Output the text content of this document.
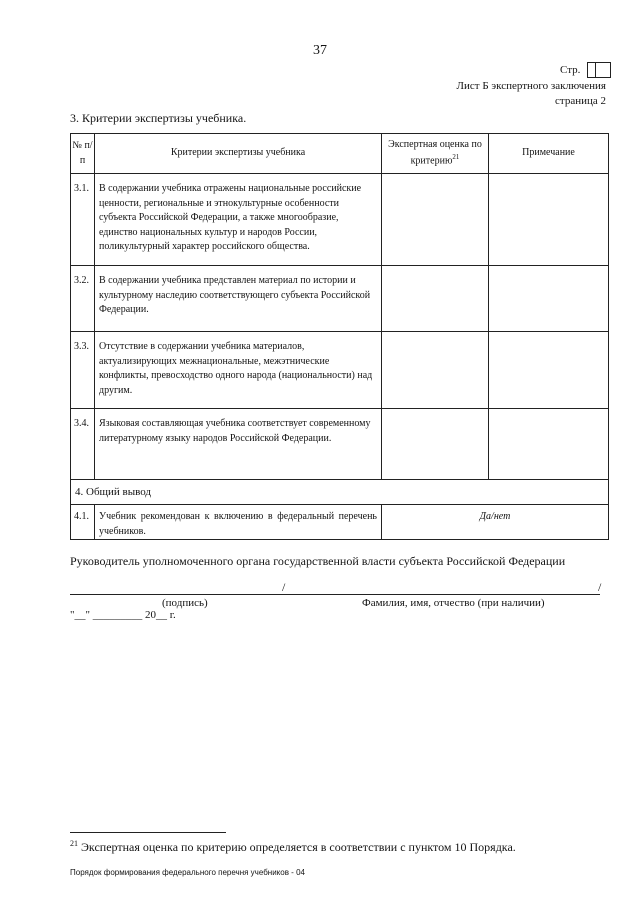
37
Стр.
Лист Б экспертного заключения
страница 2
3. Критерии экспертизы учебника.
№ п/п	Критерии экспертизы учебника	Экспертная оценка по критерию$^{21}$	Примечание
3.1.	В содержании учебника отражены национальные российские ценности, региональные и этнокультурные особенности субъекта Российской Федерации, а также многообразие, единство национальных культур и народов России, поликультурный характер российского общества.		
3.2.	В содержании учебника представлен материал по истории и культурному наследию соответствующего субъекта Российской Федерации.		
3.3.	Отсутствие в содержании учебника материалов, актуализирующих межнациональные, межэтнические конфликты, превосходство одного народа (национальности) над другим.		
3.4.	Языковая составляющая учебника соответствует современному литературному языку народов Российской Федерации.		
4. Общий вывод			
4.1.	Учебник рекомендован к включению в федеральный перечень учебников.	Да/нет	
Руководитель уполномоченного органа государственной власти субъекта Российской Федерации
/	/
(подпись)	Фамилия, имя, отчество (при наличии)
"__" _________ 20__ г.
$^{21}$ Экспертная оценка по критерию определяется в соответствии с пунктом 10 Порядка.
Порядок формирования федерального перечня учебников - 04
